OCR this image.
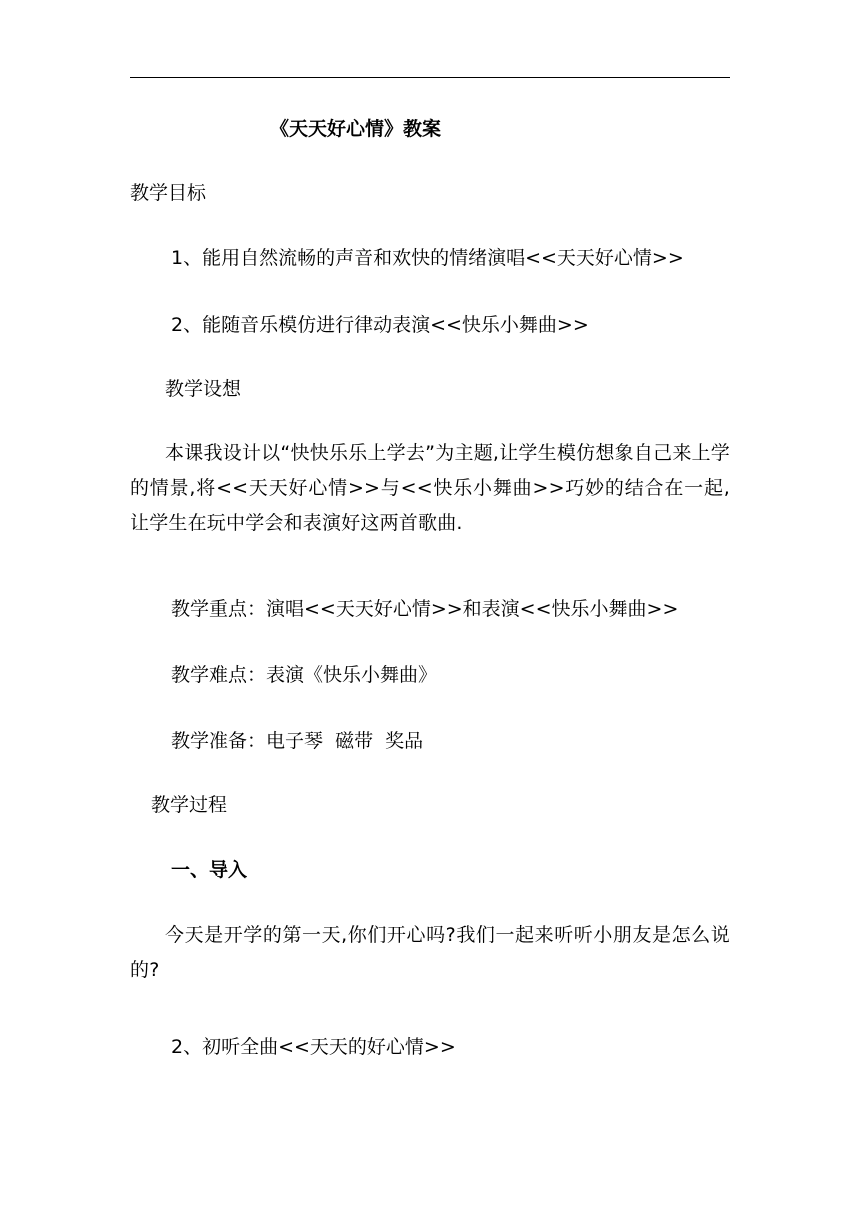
《天天好心情》教案
教学目标
1、能用自然流畅的声音和欢快的情绪演唱<<天天好心情>>
2、能随音乐模仿进行律动表演<<快乐小舞曲>>
教学设想
本课我设计以“快快乐乐上学去”为主题,让学生模仿想象自己来上学的情景,将<<天天好心情>>与<<快乐小舞曲>>巧妙的结合在一起,让学生在玩中学会和表演好这两首歌曲.
教学重点：演唱<<天天好心情>>和表演<<快乐小舞曲>>
教学难点：表演《快乐小舞曲》
教学准备：电子琴  磁带  奖品
教学过程
一、导入
今天是开学的第一天,你们开心吗?我们一起来听听小朋友是怎么说的?
2、初听全曲<<天天的好心情>>
